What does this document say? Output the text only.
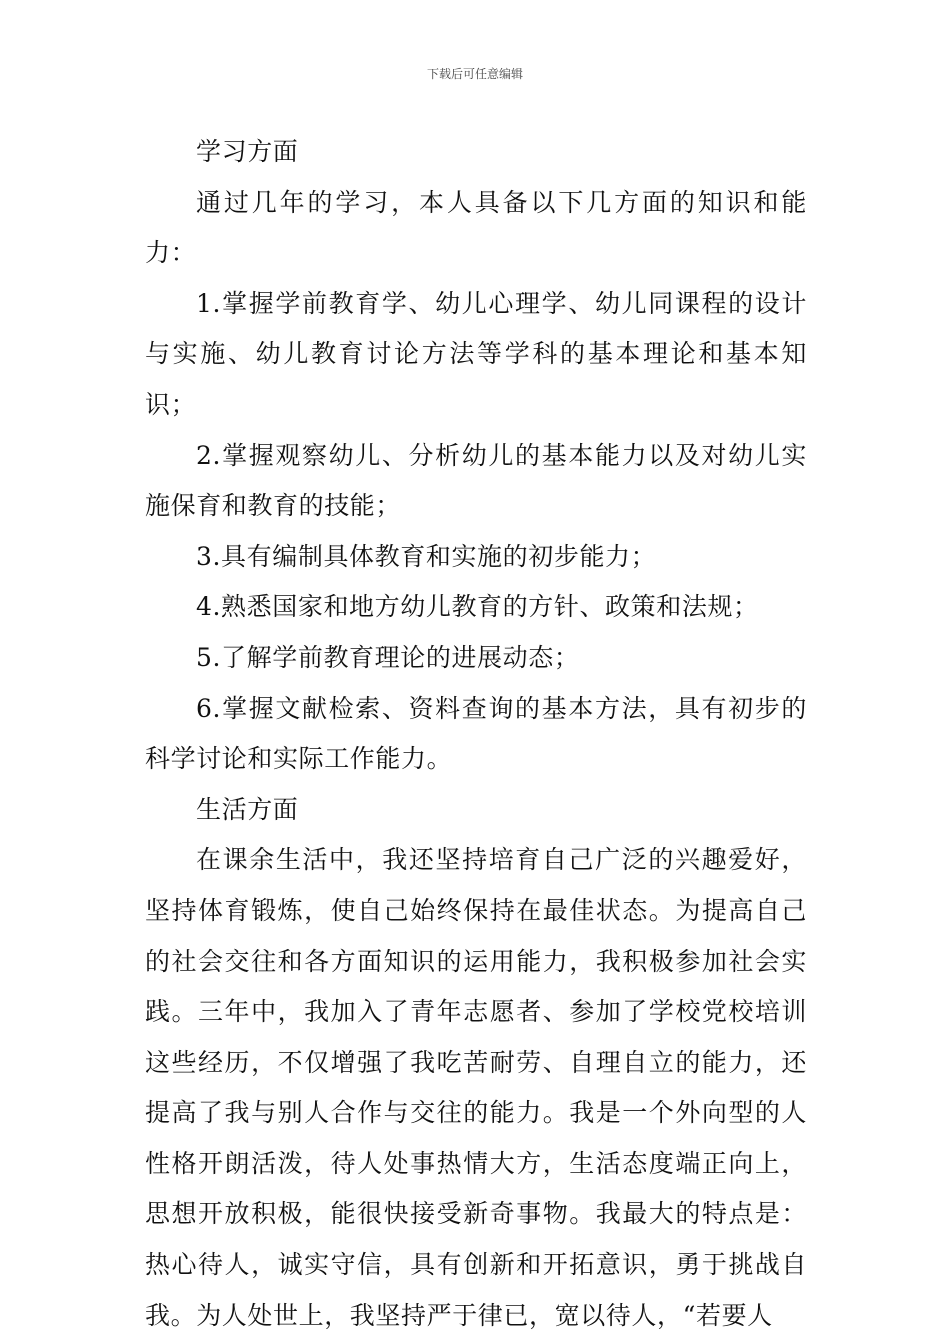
下载后可任意编辑

学习方面

通过几年的学习，本人具备以下几方面的知识和能力：

1.掌握学前教育学、幼儿心理学、幼儿同课程的设计与实施、幼儿教育讨论方法等学科的基本理论和基本知识；

2.掌握观察幼儿、分析幼儿的基本能力以及对幼儿实施保育和教育的技能；

3.具有编制具体教育和实施的初步能力；

4.熟悉国家和地方幼儿教育的方针、政策和法规；

5.了解学前教育理论的进展动态；

6.掌握文献检索、资料查询的基本方法，具有初步的科学讨论和实际工作能力。

生活方面

在课余生活中，我还坚持培育自己广泛的兴趣爱好，坚持体育锻炼，使自己始终保持在最佳状态。为提高自己的社会交往和各方面知识的运用能力，我积极参加社会实践。三年中，我加入了青年志愿者、参加了学校党校培训这些经历，不仅增强了我吃苦耐劳、自理自立的能力，还提高了我与别人合作与交往的能力。我是一个外向型的人性格开朗活泼，待人处事热情大方，生活态度端正向上，思想开放积极，能很快接受新奇事物。我最大的特点是：热心待人，诚实守信，具有创新和开拓意识，勇于挑战自我。为人处世上，我坚持严于律已，宽以待人，“若要人
